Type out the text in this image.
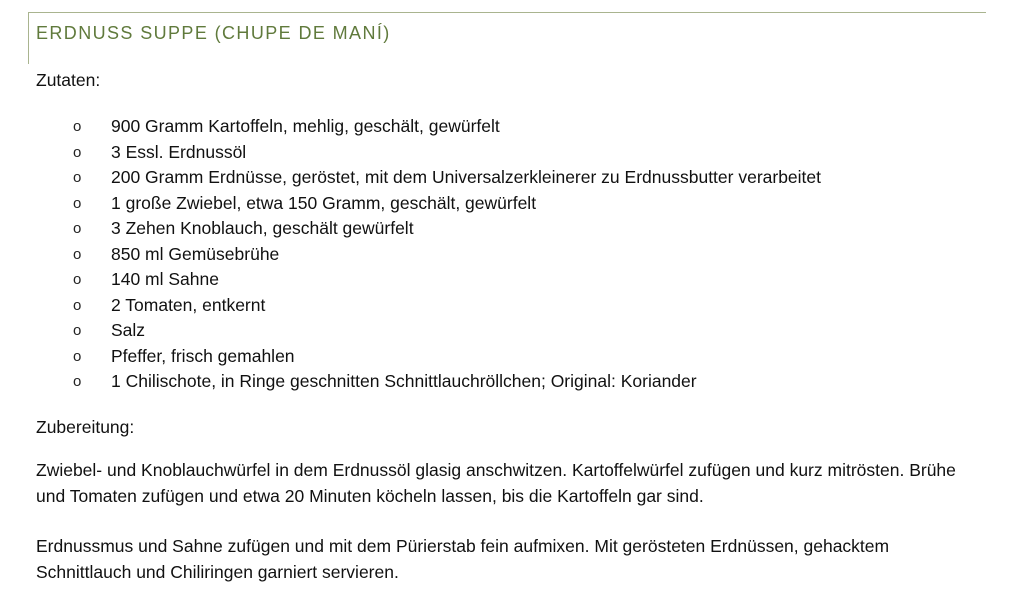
ERDNUSS SUPPE (CHUPE DE MANÍ)
Zutaten:
o 900 Gramm Kartoffeln, mehlig, geschält, gewürfelt
o 3 Essl. Erdnussöl
o 200 Gramm Erdnüsse, geröstet, mit dem Universalzerkleinerer zu Erdnussbutter verarbeitet
o 1 große Zwiebel, etwa 150 Gramm, geschält, gewürfelt
o 3 Zehen Knoblauch, geschält gewürfelt
o 850 ml Gemüsebrühe
o 140 ml Sahne
o 2 Tomaten, entkernt
o Salz
o Pfeffer, frisch gemahlen
o 1 Chilischote, in Ringe geschnitten Schnittlauchröllchen; Original: Koriander
Zubereitung:

Zwiebel- und Knoblauchwürfel in dem Erdnussöl glasig anschwitzen. Kartoffelwürfel zufügen und kurz mitrösten. Brühe und Tomaten zufügen und etwa 20 Minuten köcheln lassen, bis die Kartoffeln gar sind.

Erdnussmus und Sahne zufügen und mit dem Pürierstab fein aufmixen. Mit gerösteten Erdnüssen, gehacktem Schnittlauch und Chiliringen garniert servieren.
